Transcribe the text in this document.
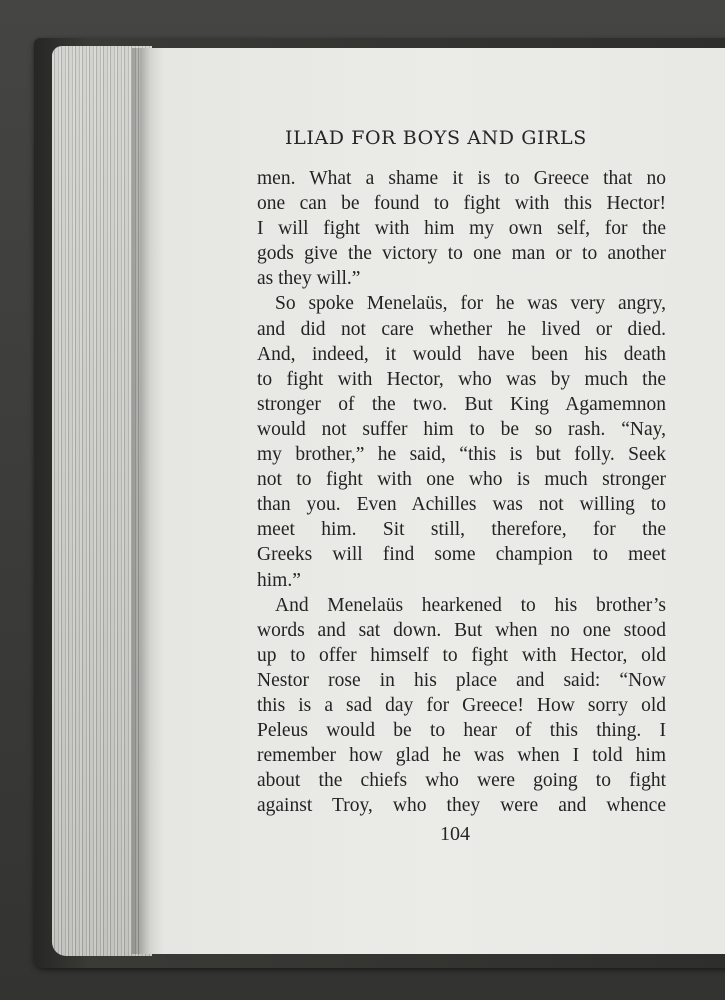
ILIAD FOR BOYS AND GIRLS
men. What a shame it is to Greece that no
one can be found to fight with this Hector!
I will fight with him my own self, for the
gods give the victory to one man or to another
as they will.”
So spoke Menelaüs, for he was very angry,
and did not care whether he lived or died.
And, indeed, it would have been his death
to fight with Hector, who was by much the
stronger of the two. But King Agamemnon
would not suffer him to be so rash. “Nay,
my brother,” he said, “this is but folly. Seek
not to fight with one who is much stronger
than you. Even Achilles was not willing to
meet him. Sit still, therefore, for the
Greeks will find some champion to meet
him.”
And Menelaüs hearkened to his brother’s
words and sat down. But when no one stood
up to offer himself to fight with Hector, old
Nestor rose in his place and said: “Now
this is a sad day for Greece! How sorry old
Peleus would be to hear of this thing. I
remember how glad he was when I told him
about the chiefs who were going to fight
against Troy, who they were and whence
104
